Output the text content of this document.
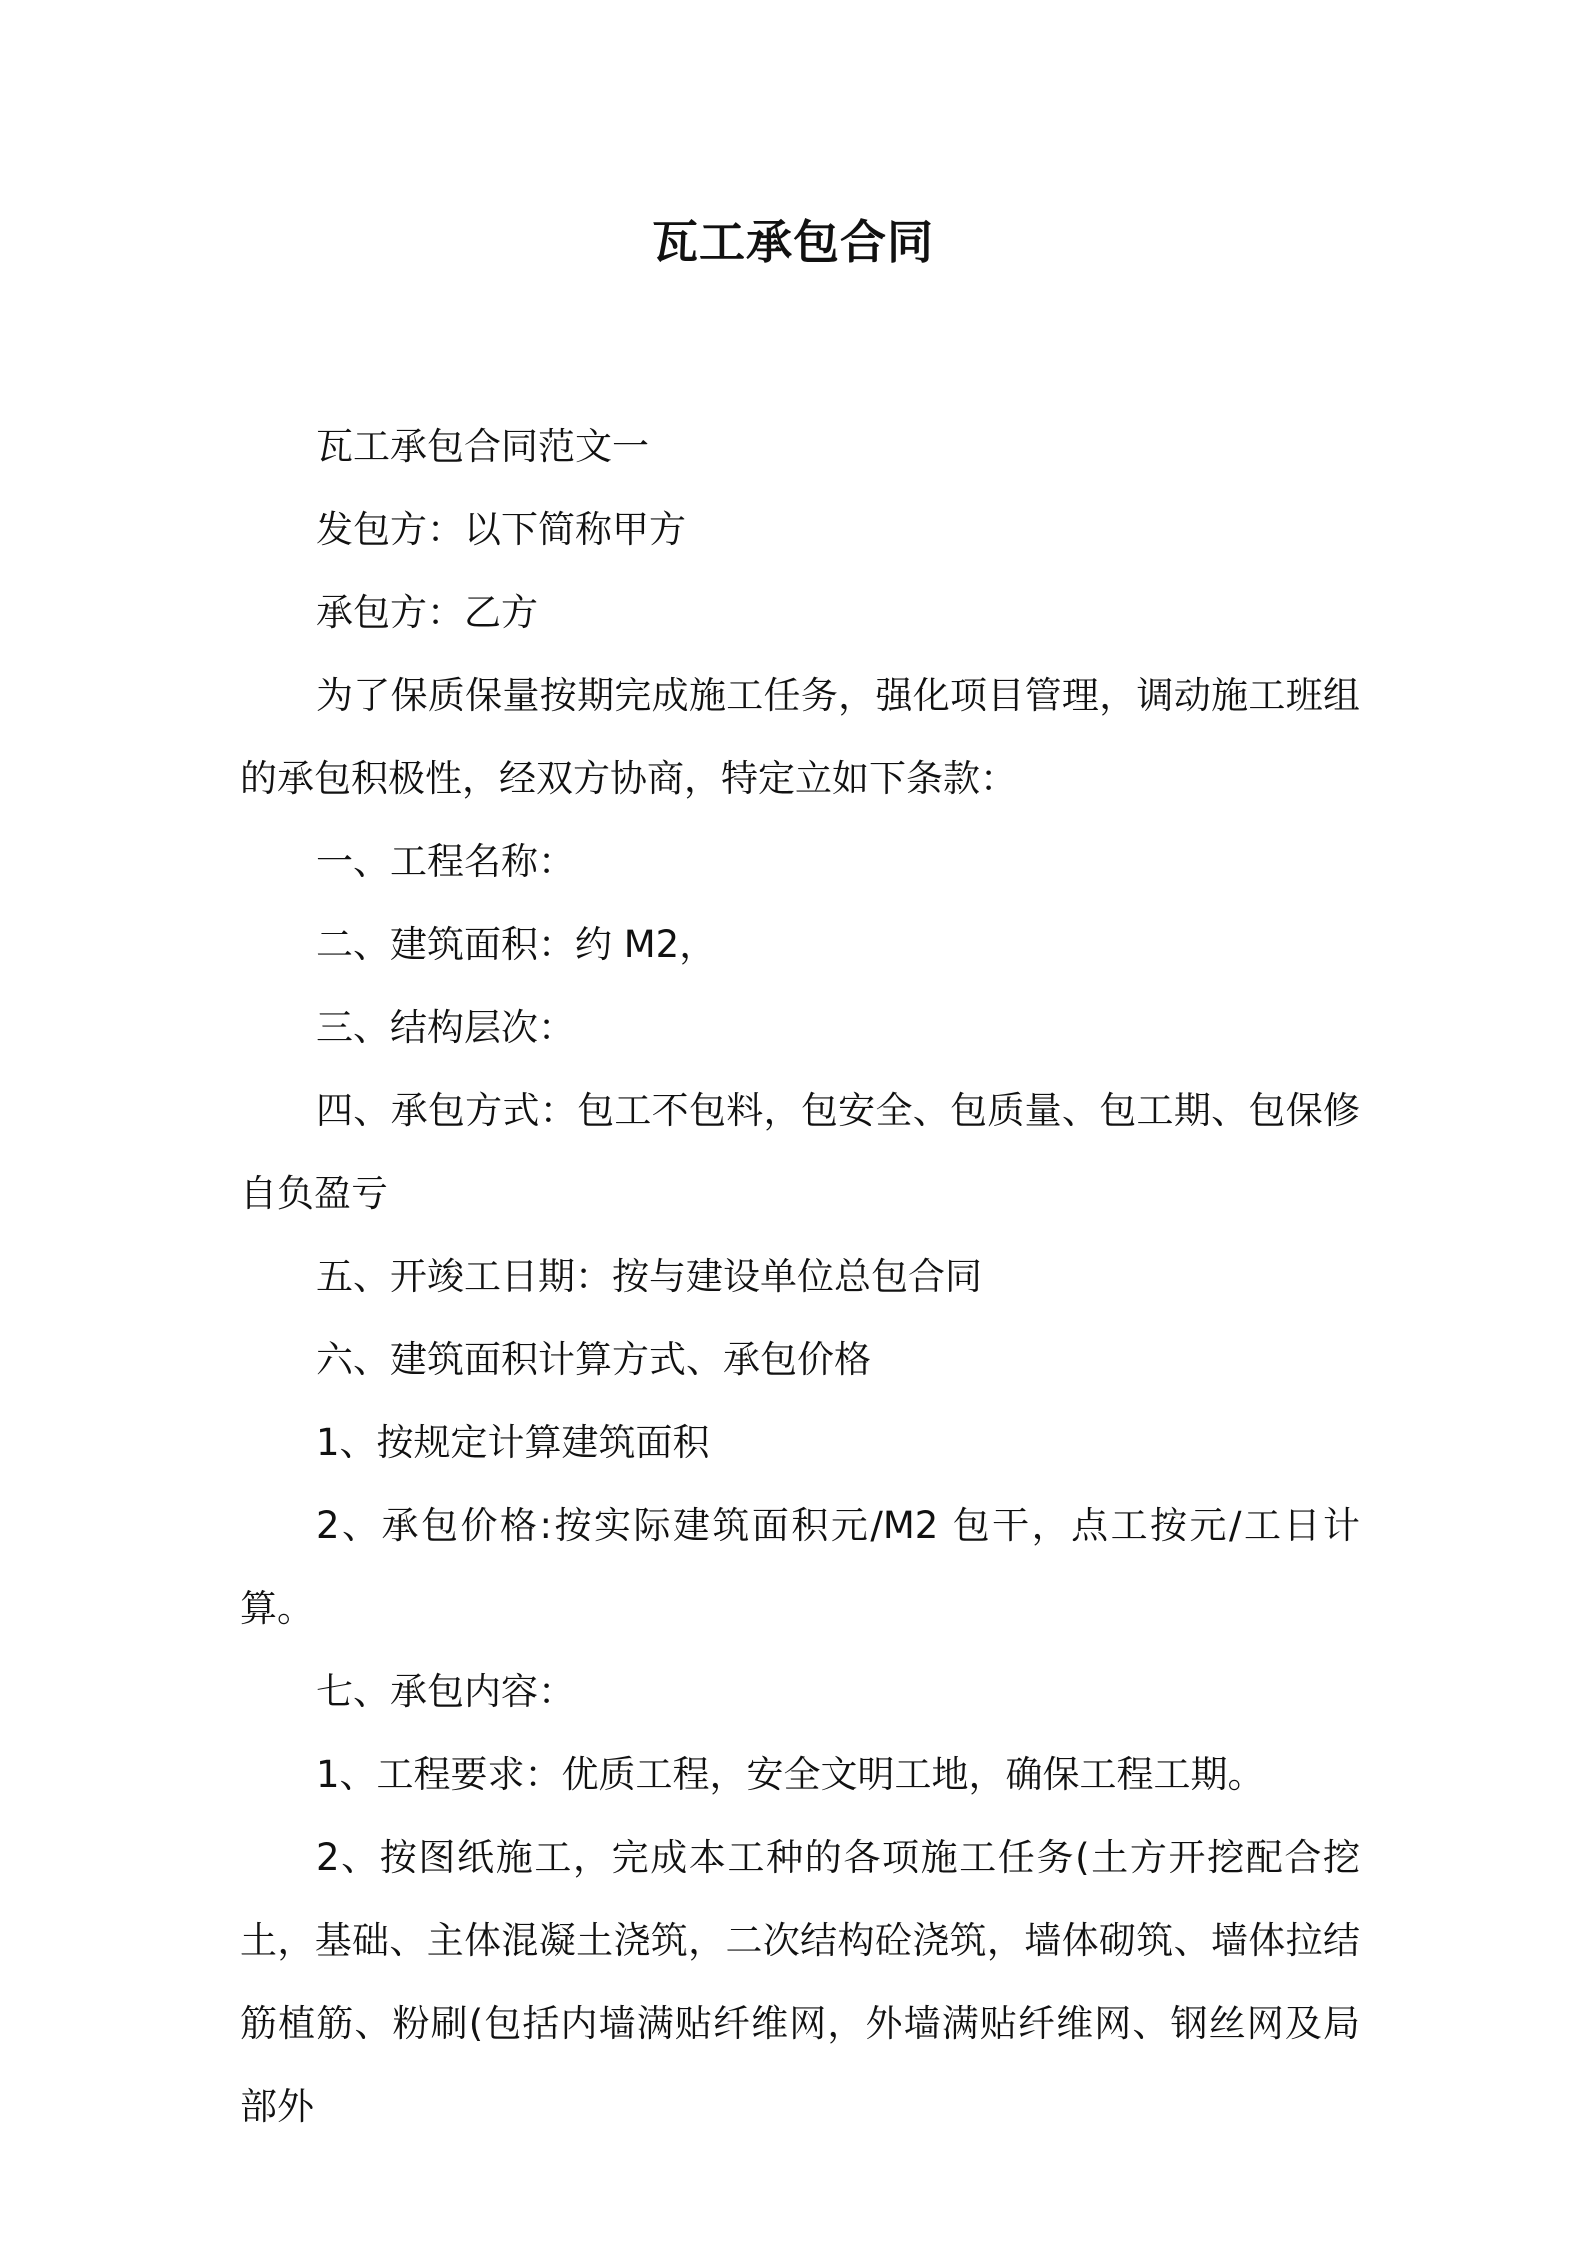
瓦工承包合同

瓦工承包合同范文一

发包方：以下简称甲方

承包方：乙方

为了保质保量按期完成施工任务，强化项目管理，调动施工班组的承包积极性，经双方协商，特定立如下条款：

一、工程名称：

二、建筑面积：约 M2，

三、结构层次：

四、承包方式：包工不包料，包安全、包质量、包工期、包保修自负盈亏

五、开竣工日期：按与建设单位总包合同

六、建筑面积计算方式、承包价格

1、按规定计算建筑面积

2、承包价格:按实际建筑面积元/M2 包干，点工按元/工日计算。

七、承包内容：

1、工程要求：优质工程，安全文明工地，确保工程工期。

2、按图纸施工，完成本工种的各项施工任务(土方开挖配合挖土，基础、主体混凝土浇筑，二次结构砼浇筑，墙体砌筑、墙体拉结筋植筋、粉刷(包括内墙满贴纤维网，外墙满贴纤维网、钢丝网及局部外
